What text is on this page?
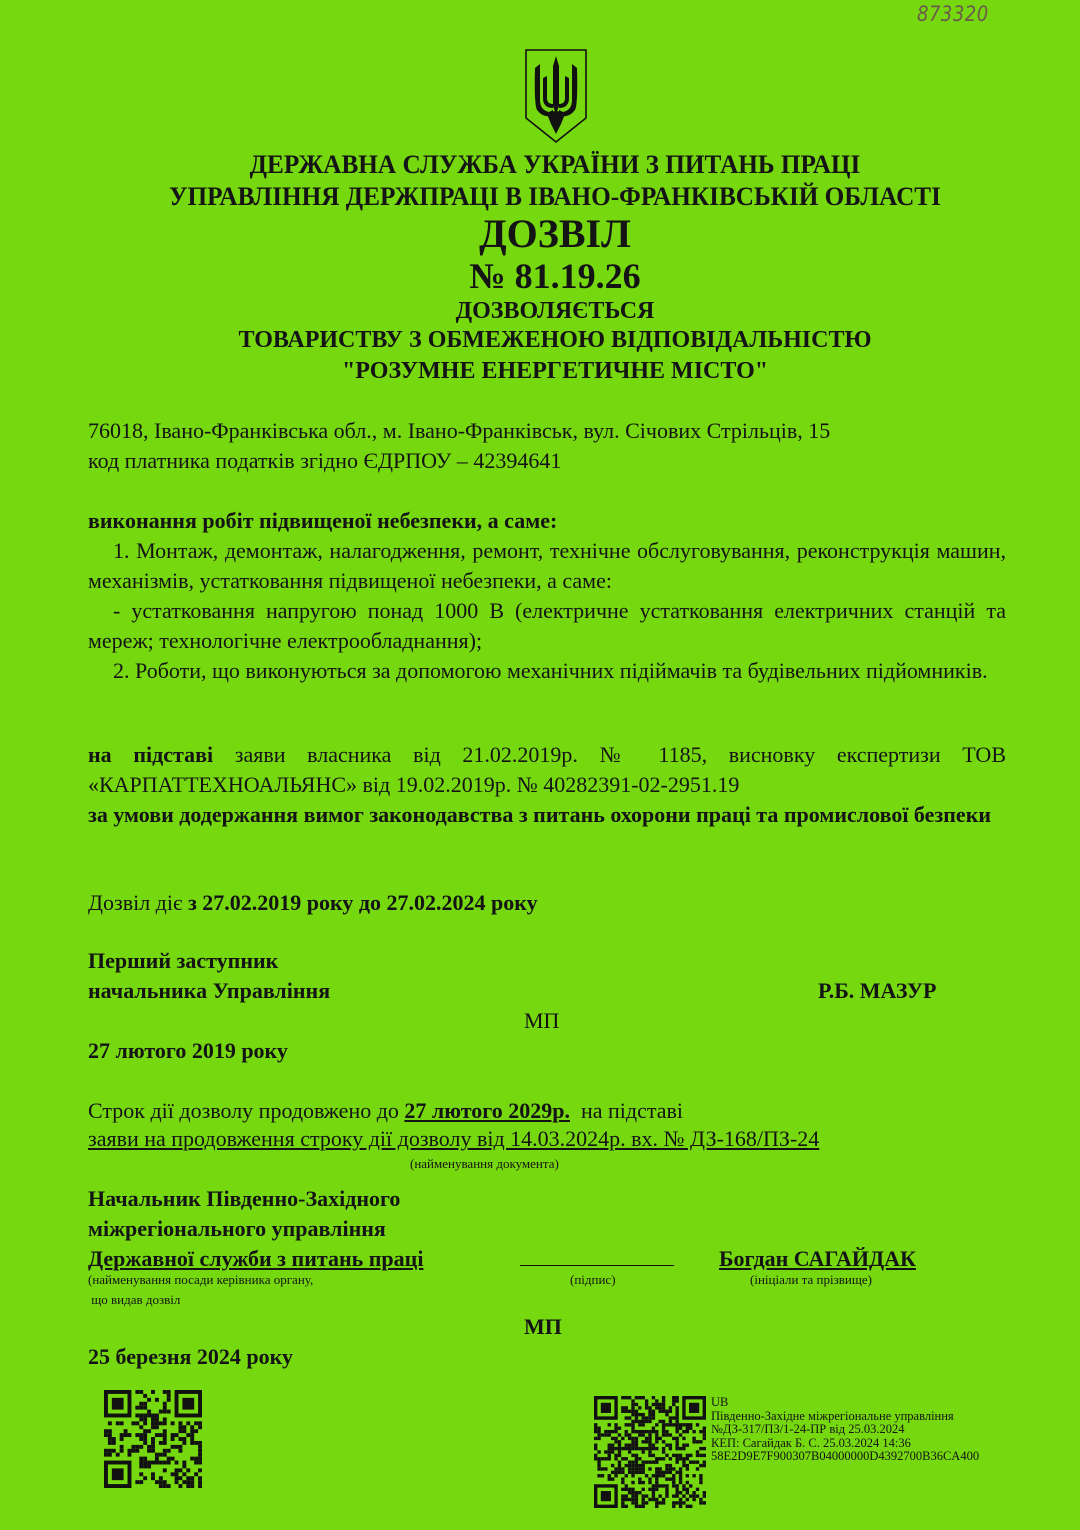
873320
ДЕРЖАВНА СЛУЖБА УКРАЇНИ З ПИТАНЬ ПРАЦІ
УПРАВЛІННЯ ДЕРЖПРАЦІ В ІВАНО-ФРАНКІВСЬКІЙ ОБЛАСТІ
ДОЗВІЛ
№ 81.19.26
ДОЗВОЛЯЄТЬСЯ
ТОВАРИСТВУ З ОБМЕЖЕНОЮ ВІДПОВІДАЛЬНІСТЮ
"РОЗУМНЕ ЕНЕРГЕТИЧНЕ МІСТО"
76018, Івано-Франківська обл., м. Івано-Франківськ, вул. Січових Стрільців, 15
код платника податків згідно ЄДРПОУ – 42394641
виконання робіт підвищеної небезпеки, а саме:
1. Монтаж, демонтаж, налагодження, ремонт, технічне обслуговування, реконструкція машин, механізмів, устатковання підвищеної небезпеки, а саме:
- устатковання напругою понад 1000 В (електричне устатковання електричних станцій та мереж; технологічне електрообладнання);
2. Роботи, що виконуються за допомогою механічних підіймачів та будівельних підйомників.
на підставі заяви власника від 21.02.2019р. № 1185, висновку експертизи ТОВ «КАРПАТТЕХНОАЛЬЯНС» від 19.02.2019р. № 40282391-02-2951.19
за умови додержання вимог законодавства з питань охорони праці та промислової безпеки
Дозвіл діє з 27.02.2019 року до 27.02.2024 року
Перший заступник
начальника Управління	Р.Б. МАЗУР
МП
27 лютого 2019 року
Строк дії дозволу продовжено до 27 лютого 2029р.  на підставі
заяви на продовження строку дії дозволу від 14.03.2024р. вх. № ДЗ-168/ПЗ-24
(найменування документа)
Начальник Південно-Західного
міжрегіонального управління
Державної служби з питань праці	Богдан САГАЙДАК
(найменування посади керівника органу,
що видав дозвіл
(підпис)	(ініціали та прізвище)
МП
25 березня 2024 року
UB
Південно-Західне міжрегіональне управління
№ДЗ-317/ПЗ/1-24-ПР від 25.03.2024
КЕП: Сагайдак Б. С. 25.03.2024 14:36
58E2D9E7F900307B04000000D4392700B36CA400
